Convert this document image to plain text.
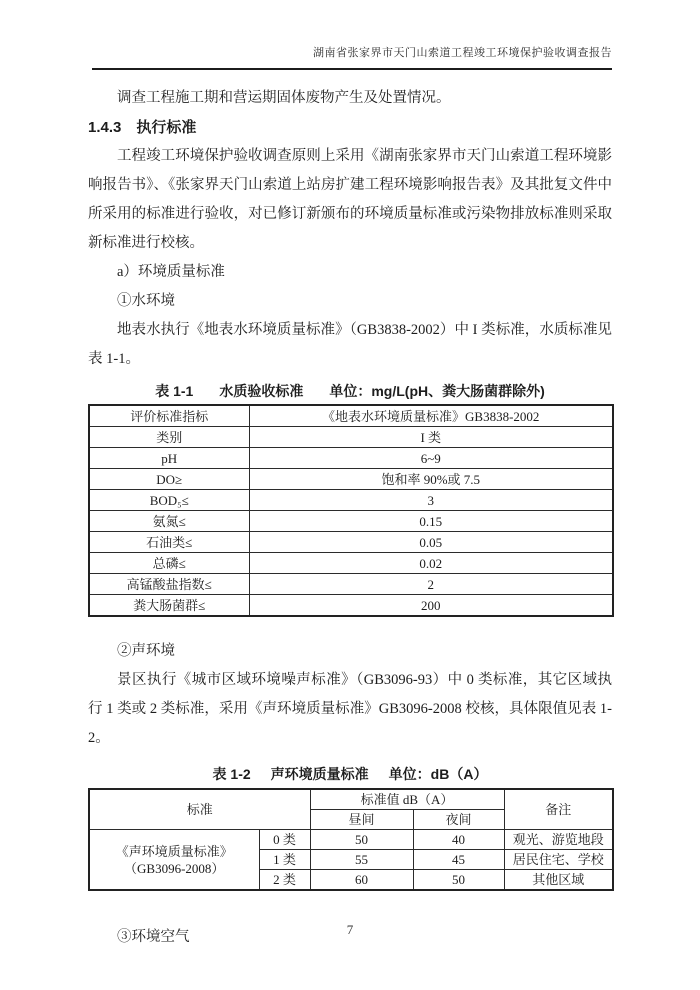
湖南省张家界市天门山索道工程竣工环境保护验收调查报告

调查工程施工期和营运期固体废物产生及处置情况。

1.4.3　执行标准

工程竣工环境保护验收调查原则上采用《湖南张家界市天门山索道工程环境影响报告书》、《张家界天门山索道上站房扩建工程环境影响报告表》及其批复文件中所采用的标准进行验收，对已修订新颁布的环境质量标准或污染物排放标准则采取新标准进行校核。

a）环境质量标准

①水环境

地表水执行《地表水环境质量标准》（GB3838-2002）中 I 类标准，水质标准见表 1-1。

表 1-1 水质验收标准 单位：mg/L(pH、粪大肠菌群除外)
评价标准指标	《地表水环境质量标准》GB3838-2002
类别	I 类
pH	6~9
DO≥	饱和率 90%或 7.5
BOD₅≤	3
氨氮≤	0.15
石油类≤	0.05
总磷≤	0.02
高锰酸盐指数≤	2
粪大肠菌群≤	200

②声环境

景区执行《城市区域环境噪声标准》（GB3096-93）中 0 类标准，其它区域执行 1 类或 2 类标准，采用《声环境质量标准》GB3096-2008 校核，具体限值见表 1-2。

表 1-2 声环境质量标准 单位：dB（A）
标准		标准值 dB（A）		备注
		昼间	夜间	

《声环境质量标准》
（GB3096-2008）	0 类	50	40	观光、游览地段
	1 类	55	45	居民住宅、学校
	2 类	60	50	其他区域

③环境空气	7
